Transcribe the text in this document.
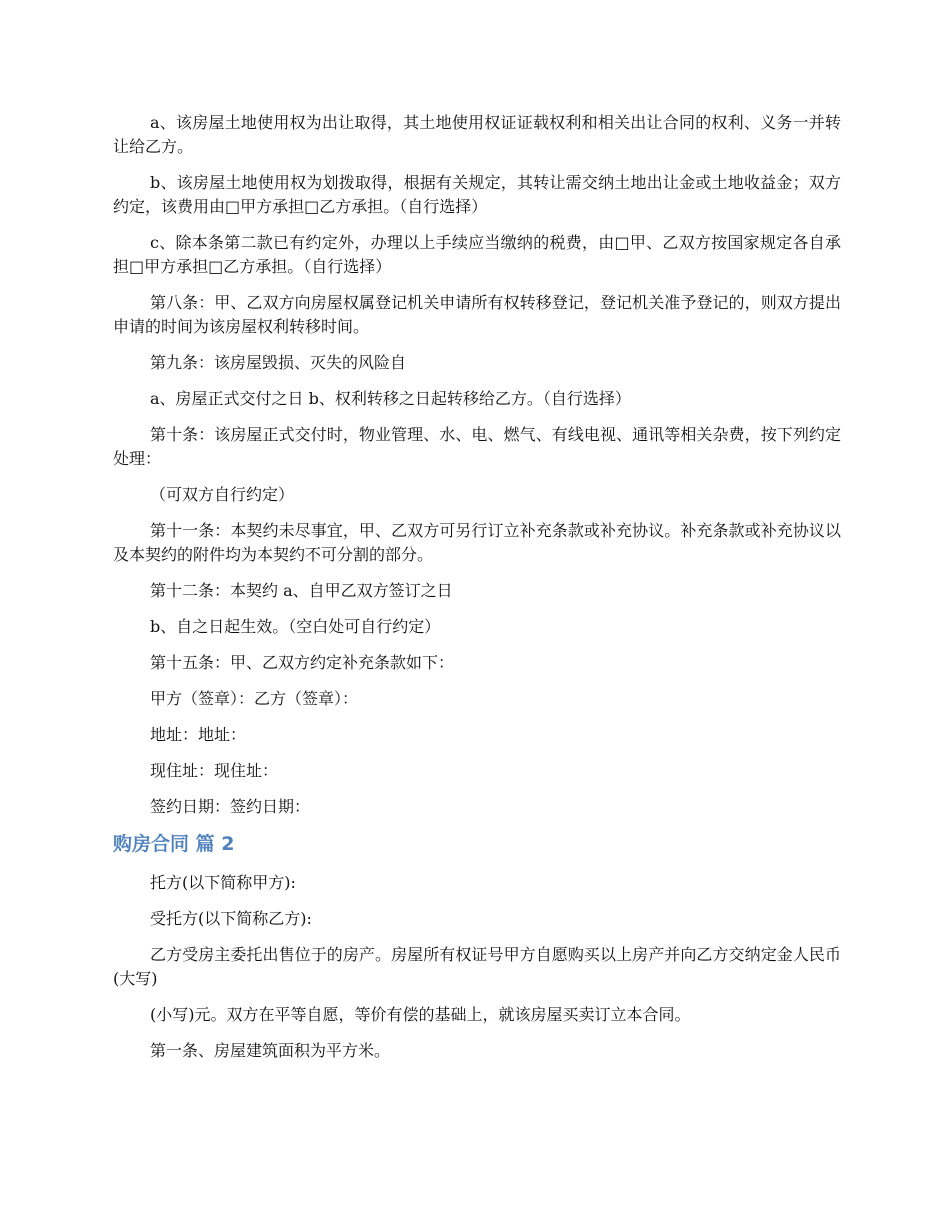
a、该房屋土地使用权为出让取得，其土地使用权证证载权利和相关出让合同的权利、义务一并转让给乙方。

b、该房屋土地使用权为划拨取得，根据有关规定，其转让需交纳土地出让金或土地收益金；双方约定，该费用由□甲方承担□乙方承担。（自行选择）

c、除本条第二款已有约定外，办理以上手续应当缴纳的税费，由□甲、乙双方按国家规定各自承担□甲方承担□乙方承担。（自行选择）

第八条：甲、乙双方向房屋权属登记机关申请所有权转移登记，登记机关准予登记的，则双方提出申请的时间为该房屋权利转移时间。

第九条：该房屋毁损、灭失的风险自

a、房屋正式交付之日 b、权利转移之日起转移给乙方。（自行选择）

第十条：该房屋正式交付时，物业管理、水、电、燃气、有线电视、通讯等相关杂费，按下列约定处理：

（可双方自行约定）

第十一条：本契约未尽事宜，甲、乙双方可另行订立补充条款或补充协议。补充条款或补充协议以及本契约的附件均为本契约不可分割的部分。

第十二条：本契约 a、自甲乙双方签订之日

b、自之日起生效。（空白处可自行约定）

第十五条：甲、乙双方约定补充条款如下：

甲方（签章）：乙方（签章）：

地址：地址：

现住址：现住址：

签约日期：签约日期：

购房合同 篇 2

托方(以下简称甲方):

受托方(以下简称乙方):

乙方受房主委托出售位于的房产。房屋所有权证号甲方自愿购买以上房产并向乙方交纳定金人民币(大写)

(小写)元。双方在平等自愿，等价有偿的基础上，就该房屋买卖订立本合同。

第一条、房屋建筑面积为平方米。
